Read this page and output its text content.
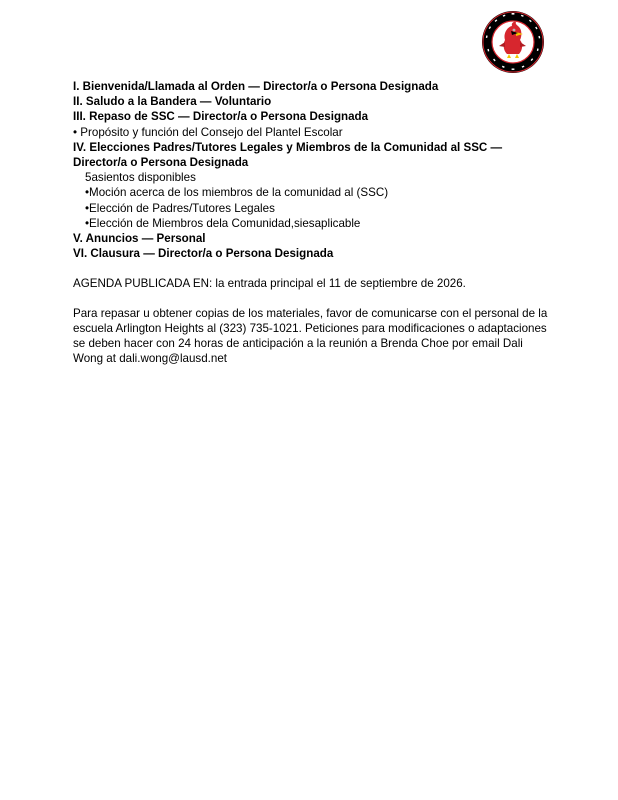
I. Bienvenida/Llamada al Orden — Director/a o Persona Designada

II. Saludo a la Bandera — Voluntario

III. Repaso de SSC — Director/a o Persona Designada

• Propósito y función del Consejo del Plantel Escolar

IV. Elecciones Padres/Tutores Legales y Miembros de la Comunidad al SSC — Director/a o Persona Designada

5asientos disponibles

•Moción acerca de los miembros de la comunidad al (SSC)

•Elección de Padres/Tutores Legales

•Elección de Miembros dela Comunidad,siesaplicable

V. Anuncios — Personal

VI. Clausura — Director/a o Persona Designada

AGENDA PUBLICADA EN: la entrada principal el 11 de septiembre de 2026.

Para repasar u obtener copias de los materiales, favor de comunicarse con el personal de la escuela Arlington Heights al (323) 735-1021. Peticiones para modificaciones o adaptaciones se deben hacer con 24 horas de anticipación a la reunión a Brenda Choe por email Dali Wong at dali.wong@lausd.net
